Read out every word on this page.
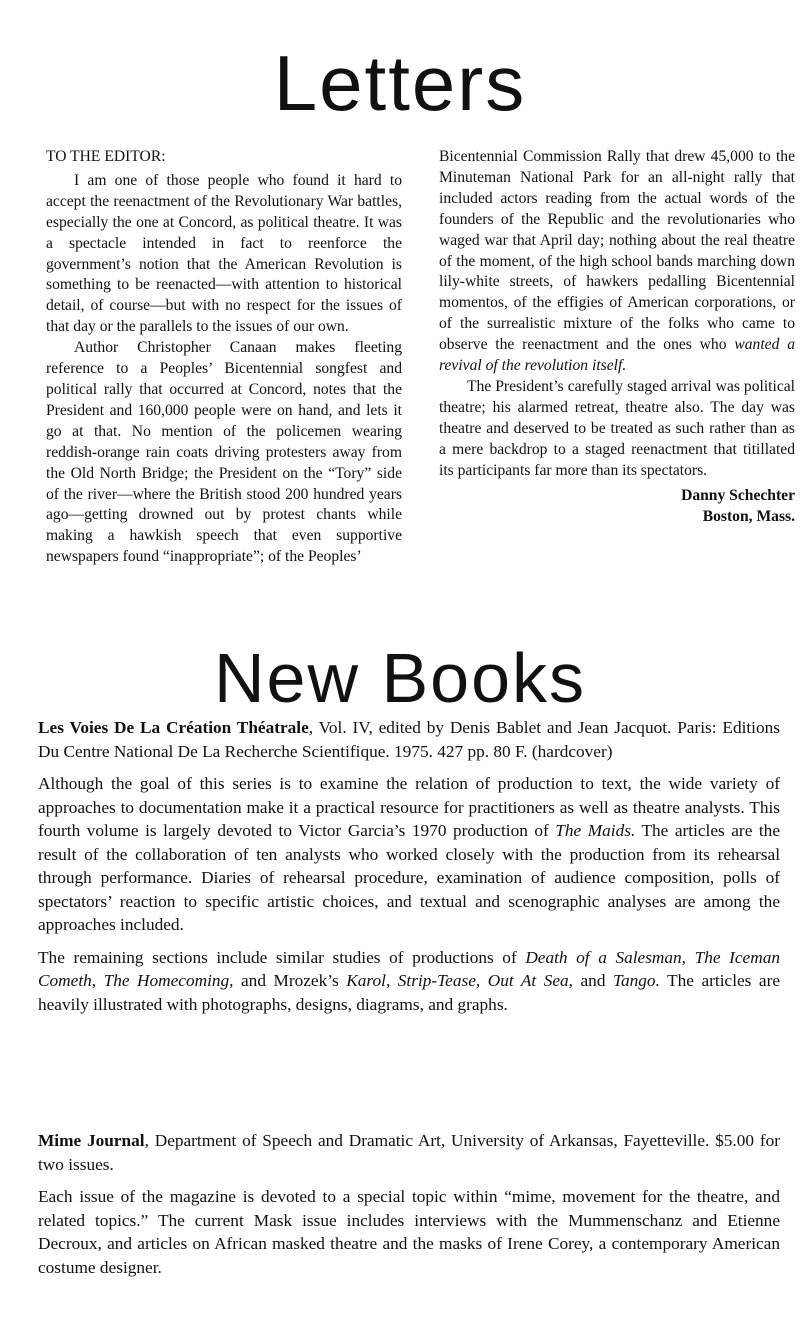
Letters

TO THE EDITOR:

I am one of those people who found it hard to accept the reenactment of the Revolutionary War battles, especially the one at Concord, as political theatre. It was a spectacle intended in fact to reenforce the government’s notion that the American Revolution is something to be reenacted—with attention to historical detail, of course—but with no respect for the issues of that day or the parallels to the issues of our own.

Author Christopher Canaan makes fleeting reference to a Peoples’ Bicentennial songfest and political rally that occurred at Concord, notes that the President and 160,000 people were on hand, and lets it go at that. No mention of the policemen wearing reddish-orange rain coats driving protesters away from the Old North Bridge; the President on the “Tory” side of the river—where the British stood 200 hundred years ago—getting drowned out by protest chants while making a hawkish speech that even supportive newspapers found “inappropriate”; of the Peoples’

Bicentennial Commission Rally that drew 45,000 to the Minuteman National Park for an all-night rally that included actors reading from the actual words of the founders of the Republic and the revolutionaries who waged war that April day; nothing about the real theatre of the moment, of the high school bands marching down lily-white streets, of hawkers pedalling Bicentennial momentos, of the effigies of American corporations, or of the surrealistic mixture of the folks who came to observe the reenactment and the ones who wanted a revival of the revolution itself.

The President’s carefully staged arrival was political theatre; his alarmed retreat, theatre also. The day was theatre and deserved to be treated as such rather than as a mere backdrop to a staged reenactment that titillated its participants far more than its spectators.

Danny Schechter
Boston, Mass.

New Books

Les Voies De La Création Théatrale, Vol. IV, edited by Denis Bablet and Jean Jacquot. Paris: Editions Du Centre National De La Recherche Scientifique. 1975. 427 pp. 80 F. (hardcover)

Although the goal of this series is to examine the relation of production to text, the wide variety of approaches to documentation make it a practical resource for practitioners as well as theatre analysts. This fourth volume is largely devoted to Victor Garcia’s 1970 production of The Maids. The articles are the result of the collaboration of ten analysts who worked closely with the production from its rehearsal through performance. Diaries of rehearsal procedure, examination of audience composition, polls of spectators’ reaction to specific artistic choices, and textual and scenographic analyses are among the approaches included.

The remaining sections include similar studies of productions of Death of a Salesman, The Iceman Cometh, The Homecoming, and Mrozek’s Karol, Strip-Tease, Out At Sea, and Tango. The articles are heavily illustrated with photographs, designs, diagrams, and graphs.

Mime Journal, Department of Speech and Dramatic Art, University of Arkansas, Fayetteville. $5.00 for two issues.

Each issue of the magazine is devoted to a special topic within “mime, movement for the theatre, and related topics.” The current Mask issue includes interviews with the Mummenschanz and Etienne Decroux, and articles on African masked theatre and the masks of Irene Corey, a contemporary American costume designer.
